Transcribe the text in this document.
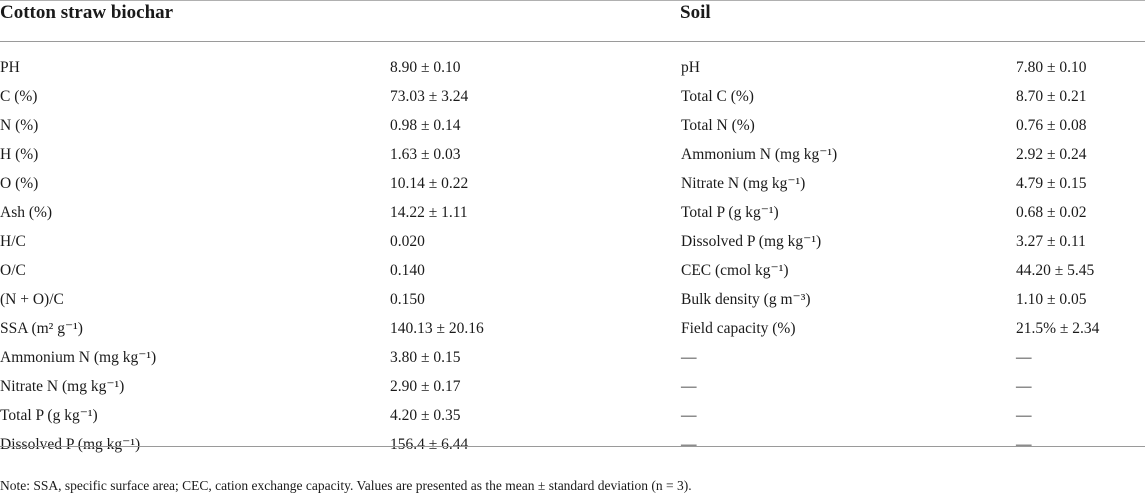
Cotton straw biochar	Soil
PH	8.90 ± 0.10	pH	7.80 ± 0.10
C (%)	73.03 ± 3.24	Total C (%)	8.70 ± 0.21
N (%)	0.98 ± 0.14	Total N (%)	0.76 ± 0.08
H (%)	1.63 ± 0.03	Ammonium N (mg kg⁻¹)	2.92 ± 0.24
O (%)	10.14 ± 0.22	Nitrate N (mg kg⁻¹)	4.79 ± 0.15
Ash (%)	14.22 ± 1.11	Total P (g kg⁻¹)	0.68 ± 0.02
H/C	0.020	Dissolved P (mg kg⁻¹)	3.27 ± 0.11
O/C	0.140	CEC (cmol kg⁻¹)	44.20 ± 5.45
(N + O)/C	0.150	Bulk density (g m⁻³)	1.10 ± 0.05
SSA (m² g⁻¹)	140.13 ± 20.16	Field capacity (%)	21.5% ± 2.34
Ammonium N (mg kg⁻¹)	3.80 ± 0.15	—	—
Nitrate N (mg kg⁻¹)	2.90 ± 0.17	—	—
Total P (g kg⁻¹)	4.20 ± 0.35	—	—
Dissolved P (mg kg⁻¹)	156.4 ± 6.44	—	—
Note: SSA, specific surface area; CEC, cation exchange capacity. Values are presented as the mean ± standard deviation (n = 3).
